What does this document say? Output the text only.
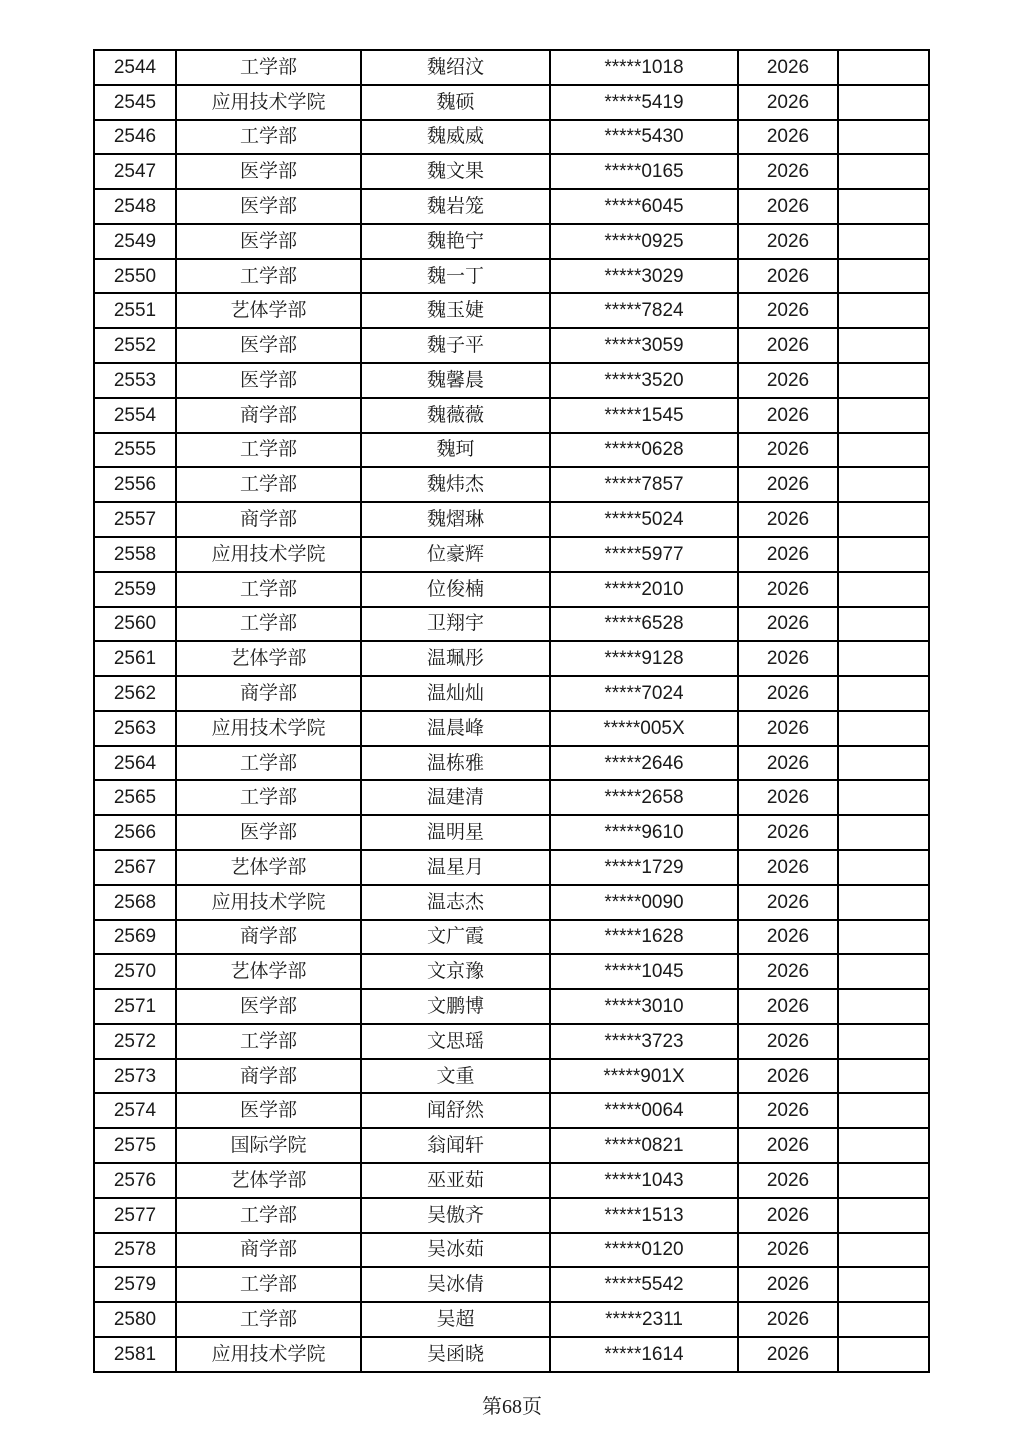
2544	工学部	魏绍汶	*****1018	2026	
2545	应用技术学院	魏硕	*****5419	2026	
2546	工学部	魏威威	*****5430	2026	
2547	医学部	魏文果	*****0165	2026	
2548	医学部	魏岩笼	*****6045	2026	
2549	医学部	魏艳宁	*****0925	2026	
2550	工学部	魏一丁	*****3029	2026	
2551	艺体学部	魏玉婕	*****7824	2026	
2552	医学部	魏子平	*****3059	2026	
2553	医学部	魏馨晨	*****3520	2026	
2554	商学部	魏薇薇	*****1545	2026	
2555	工学部	魏珂	*****0628	2026	
2556	工学部	魏炜杰	*****7857	2026	
2557	商学部	魏熠琳	*****5024	2026	
2558	应用技术学院	位豪辉	*****5977	2026	
2559	工学部	位俊楠	*****2010	2026	
2560	工学部	卫翔宇	*****6528	2026	
2561	艺体学部	温珮彤	*****9128	2026	
2562	商学部	温灿灿	*****7024	2026	
2563	应用技术学院	温晨峰	*****005X	2026	
2564	工学部	温栋雅	*****2646	2026	
2565	工学部	温建清	*****2658	2026	
2566	医学部	温明星	*****9610	2026	
2567	艺体学部	温星月	*****1729	2026	
2568	应用技术学院	温志杰	*****0090	2026	
2569	商学部	文广霞	*****1628	2026	
2570	艺体学部	文京豫	*****1045	2026	
2571	医学部	文鹏博	*****3010	2026	
2572	工学部	文思瑶	*****3723	2026	
2573	商学部	文重	*****901X	2026	
2574	医学部	闻舒然	*****0064	2026	
2575	国际学院	翁闻轩	*****0821	2026	
2576	艺体学部	巫亚茹	*****1043	2026	
2577	工学部	吴傲齐	*****1513	2026	
2578	商学部	吴冰茹	*****0120	2026	
2579	工学部	吴冰倩	*****5542	2026	
2580	工学部	吴超	*****2311	2026	
2581	应用技术学院	吴函晓	*****1614	2026	
第68页
